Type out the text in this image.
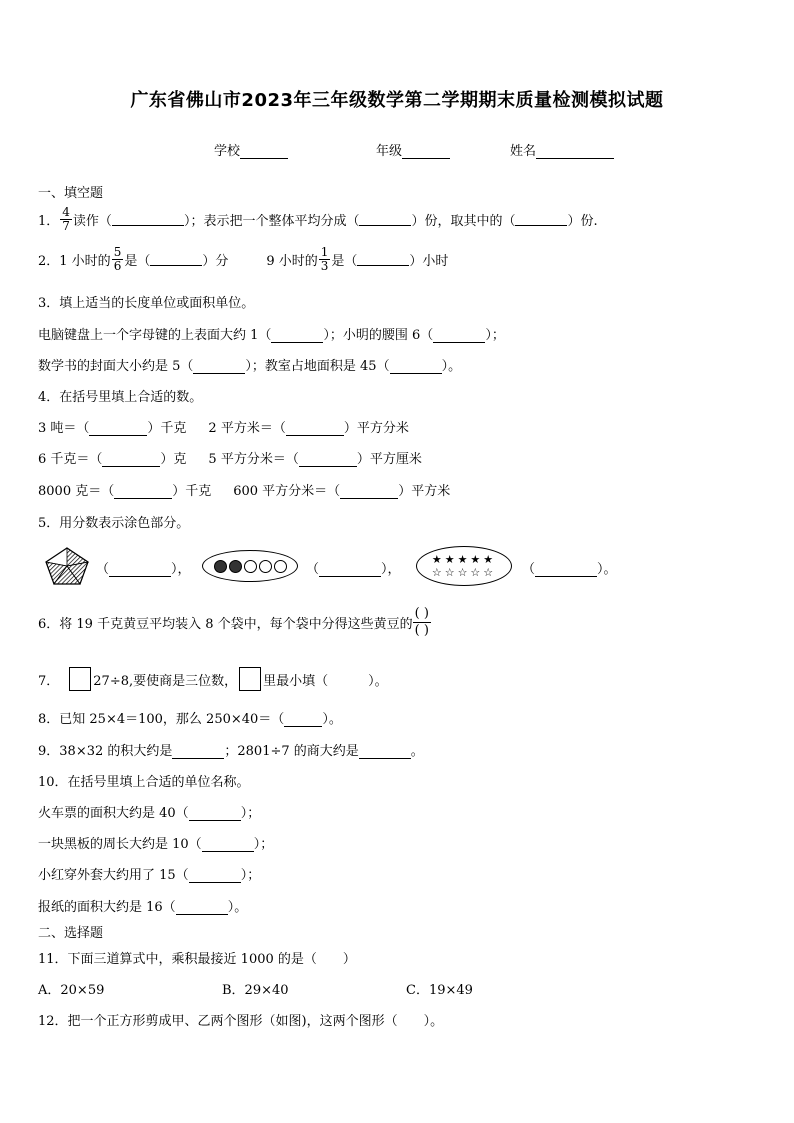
广东省佛山市2023年三年级数学第二学期期末质量检测模拟试题
学校	年级	姓名
一、填空题
1． $\frac{4}{7}$ 读作（	）；表示把一个整体平均分成（	）份，取其中的（	）份.
2．1 小时的 $\frac{5}{6}$ 是（	）分	9 小时的 $\frac{1}{3}$ 是（	）小时
3．填上适当的长度单位或面积单位。
电脑键盘上一个字母键的上表面大约 1（	）；小明的腰围 6（	）；
数学书的封面大小约是 5（	）；教室占地面积是 45（	）。
4．在括号里填上合适的数。
3 吨＝（	）千克 2 平方米＝（	）平方分米
6 千克＝（	）克 5 平方分米＝（	）平方厘米
8000 克＝（	）千克 600 平方分米＝（	）平方米
5．用分数表示涂色部分。
（	），	（	），
★★★★★
☆☆☆☆☆ （	）。
6．将 19 千克黄豆平均装入 8 个袋中，每个袋中分得这些黄豆的
( )
( )
7．	27÷8,要使商是三位数， 里最小填（	）。
8．已知 25×4＝100，那么 250×40＝（	）。
9．38×32 的积大约是	；2801÷7 的商大约是	。
10．在括号里填上合适的单位名称。
火车票的面积大约是 40（	）；
一块黑板的周长大约是 10（	）；
小红穿外套大约用了 15（	）；
报纸的面积大约是 16（	）。
二、选择题
11．下面三道算式中，乘积最接近 1000 的是（　　）
A．20×59	B．29×40	C．19×49
12．把一个正方形剪成甲、乙两个图形（如图)，这两个图形（　　）。
